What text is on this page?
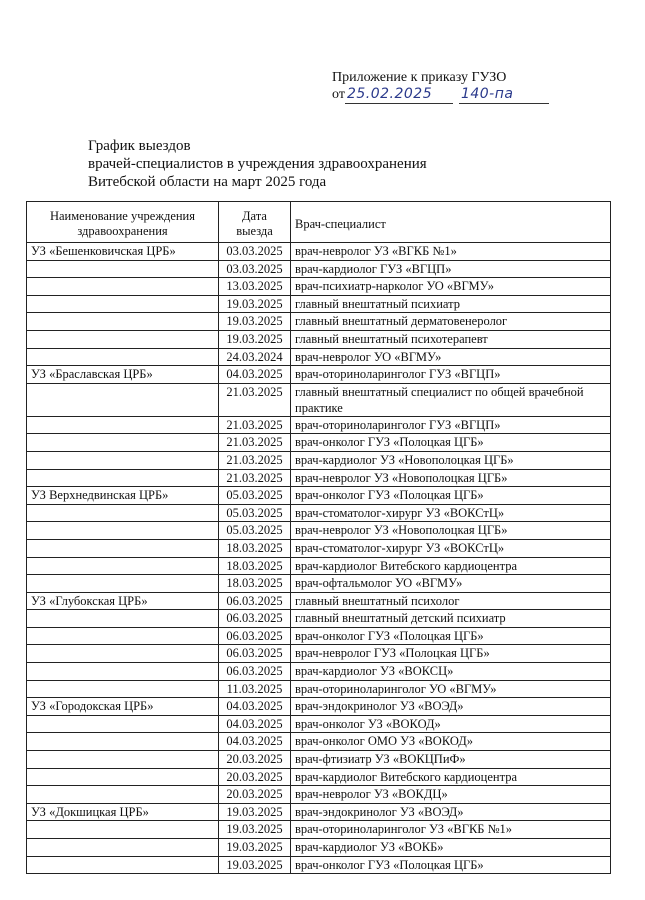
Приложение к приказу ГУЗО
от 25.02.2025	140-па
График выездов
врачей-специалистов в учреждения здравоохранения
Витебской области на март 2025 года
Наименование учреждения здравоохранения	Дата выезда	Врач-специалист
УЗ «Бешенковичская ЦРБ»	03.03.2025	врач-невролог УЗ «ВГКБ №1»
	03.03.2025	врач-кардиолог ГУЗ «ВГЦП»
	13.03.2025	врач-психиатр-нарколог УО «ВГМУ»
	19.03.2025	главный внештатный психиатр
	19.03.2025	главный внештатный дерматовенеролог
	19.03.2025	главный внештатный психотерапевт
	24.03.2024	врач-невролог УО «ВГМУ»
УЗ «Браславская ЦРБ»	04.03.2025	врач-оториноларинголог ГУЗ «ВГЦП»
	21.03.2025	главный внештатный специалист по общей врачебной практике
	21.03.2025	врач-оториноларинголог ГУЗ «ВГЦП»
	21.03.2025	врач-онколог ГУЗ «Полоцкая ЦГБ»
	21.03.2025	врач-кардиолог УЗ «Новополоцкая ЦГБ»
	21.03.2025	врач-невролог УЗ «Новополоцкая ЦГБ»
УЗ Верхнедвинская ЦРБ»	05.03.2025	врач-онколог ГУЗ «Полоцкая ЦГБ»
	05.03.2025	врач-стоматолог-хирург УЗ «ВОКСтЦ»
	05.03.2025	врач-невролог УЗ «Новополоцкая ЦГБ»
	18.03.2025	врач-стоматолог-хирург УЗ «ВОКСтЦ»
	18.03.2025	врач-кардиолог Витебского кардиоцентра
	18.03.2025	врач-офтальмолог УО «ВГМУ»
УЗ «Глубокская ЦРБ»	06.03.2025	главный внештатный психолог
	06.03.2025	главный внештатный детский психиатр
	06.03.2025	врач-онколог ГУЗ «Полоцкая ЦГБ»
	06.03.2025	врач-невролог ГУЗ «Полоцкая ЦГБ»
	06.03.2025	врач-кардиолог УЗ «ВОКСЦ»
	11.03.2025	врач-оториноларинголог УО «ВГМУ»
УЗ «Городокская ЦРБ»	04.03.2025	врач-эндокринолог УЗ «ВОЭД»
	04.03.2025	врач-онколог УЗ «ВОКОД»
	04.03.2025	врач-онколог ОМО УЗ «ВОКОД»
	20.03.2025	врач-фтизиатр УЗ «ВОКЦПиФ»
	20.03.2025	врач-кардиолог Витебского кардиоцентра
	20.03.2025	врач-невролог УЗ «ВОКДЦ»
УЗ «Докшицкая ЦРБ»	19.03.2025	врач-эндокринолог УЗ «ВОЭД»
	19.03.2025	врач-оториноларинголог УЗ «ВГКБ №1»
	19.03.2025	врач-кардиолог УЗ «ВОКБ»
	19.03.2025	врач-онколог ГУЗ «Полоцкая ЦГБ»
